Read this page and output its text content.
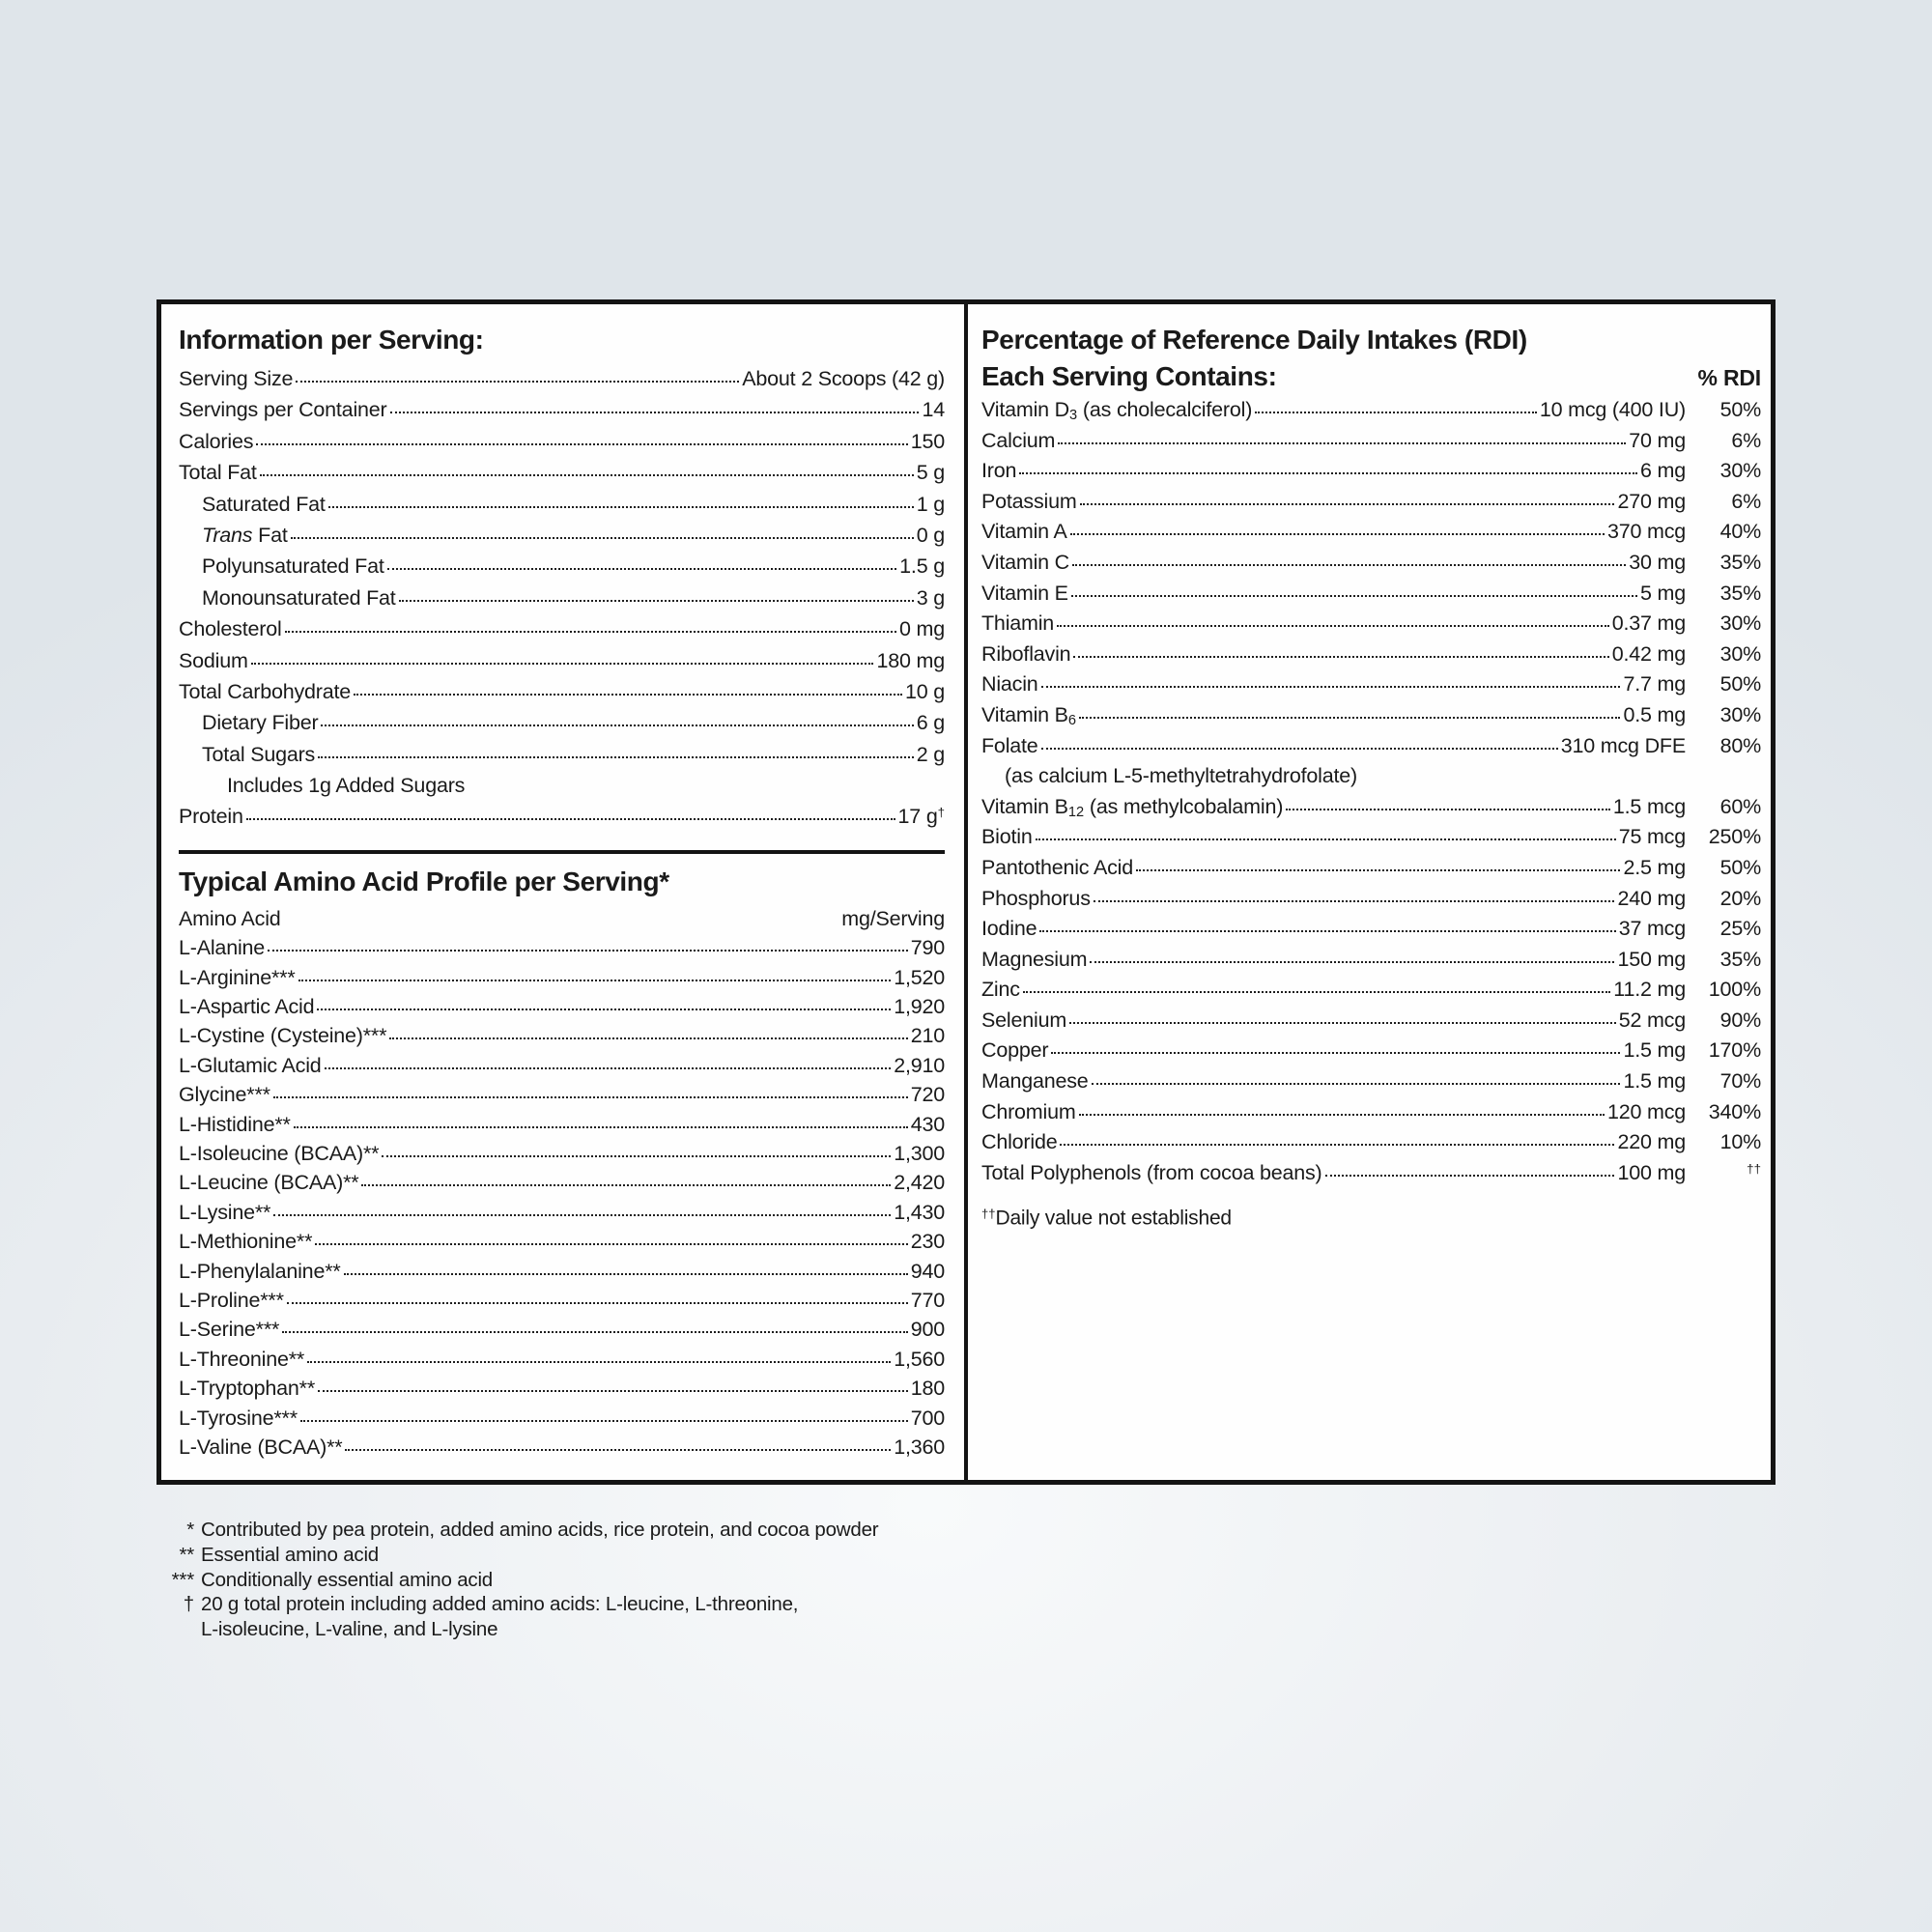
Information per Serving:
Serving Size	About 2 Scoops (42 g)
Servings per Container	14
Calories	150
Total Fat	5 g
Saturated Fat	1 g
Trans Fat	0 g
Polyunsaturated Fat	1.5 g
Monounsaturated Fat	3 g
Cholesterol	0 mg
Sodium	180 mg
Total Carbohydrate	10 g
Dietary Fiber	6 g
Total Sugars	2 g
Includes 1g Added Sugars
Protein	17 g†
Typical Amino Acid Profile per Serving*
Amino Acid	mg/Serving
L-Alanine	790
L-Arginine***	1,520
L-Aspartic Acid	1,920
L-Cystine (Cysteine)***	210
L-Glutamic Acid	2,910
Glycine***	720
L-Histidine**	430
L-Isoleucine (BCAA)**	1,300
L-Leucine (BCAA)**	2,420
L-Lysine**	1,430
L-Methionine**	230
L-Phenylalanine**	940
L-Proline***	770
L-Serine***	900
L-Threonine**	1,560
L-Tryptophan**	180
L-Tyrosine***	700
L-Valine (BCAA)**	1,360
Percentage of Reference Daily Intakes (RDI)
Each Serving Contains:	% RDI
Vitamin $D_3$ (as cholecalciferol)	10 mcg (400 IU)	50%
Calcium	70 mg	6%
Iron	6 mg	30%
Potassium	270 mg	6%
Vitamin A	370 mcg	40%
Vitamin C	30 mg	35%
Vitamin E	5 mg	35%
Thiamin	0.37 mg	30%
Riboflavin	0.42 mg	30%
Niacin	7.7 mg	50%
Vitamin $B_6$	0.5 mg	30%
Folate	310 mcg DFE	80%
(as calcium L-5-methyltetrahydrofolate)
Vitamin $B_{12}$ (as methylcobalamin)	1.5 mcg	60%
Biotin	75 mcg	250%
Pantothenic Acid	2.5 mg	50%
Phosphorus	240 mg	20%
Iodine	37 mcg	25%
Magnesium	150 mg	35%
Zinc	11.2 mg	100%
Selenium	52 mcg	90%
Copper	1.5 mg	170%
Manganese	1.5 mg	70%
Chromium	120 mcg	340%
Chloride	220 mg	10%
Total Polyphenols (from cocoa beans)	100 mg	††
††Daily value not established
* Contributed by pea protein, added amino acids, rice protein, and cocoa powder
** Essential amino acid
*** Conditionally essential amino acid
† 20 g total protein including added amino acids: L-leucine, L-threonine,
L-isoleucine, L-valine, and L-lysine
